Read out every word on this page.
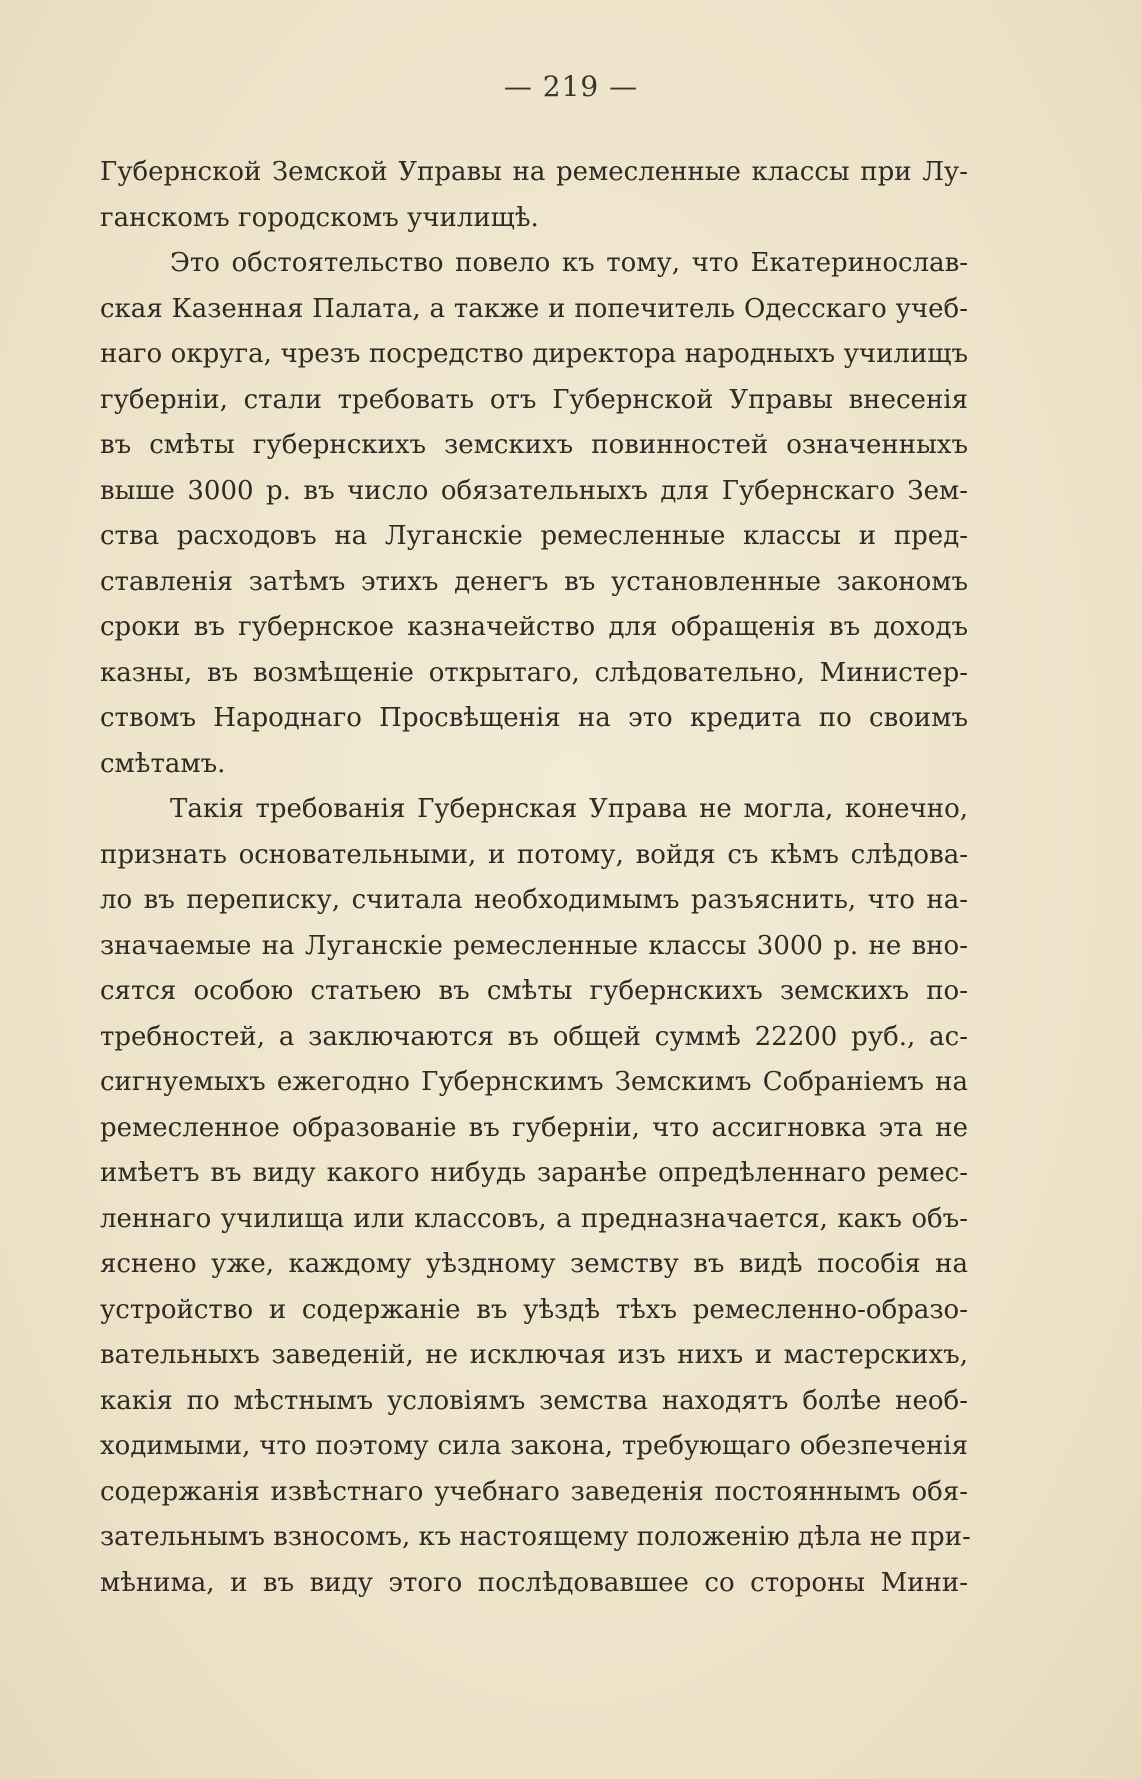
— 219 —
Губернской Земской Управы на ремесленные классы при Лу-
ганскомъ городскомъ училищѣ.
Это обстоятельство повело къ тому, что Екатеринослав-
ская Казенная Палата, а также и попечитель Одесскаго учеб-
наго округа, чрезъ посредство директора народныхъ училищъ
губерніи, стали требовать отъ Губернской Управы внесенія
въ смѣты губернскихъ земскихъ повинностей означенныхъ
выше 3000 р. въ число обязательныхъ для Губернскаго Зем-
ства расходовъ на Луганскіе ремесленные классы и пред-
ставленія затѣмъ этихъ денегъ въ установленные закономъ
сроки въ губернское казначейство для обращенія въ доходъ
казны, въ возмѣщеніе открытаго, слѣдовательно, Министер-
ствомъ Народнаго Просвѣщенія на это кредита по своимъ
смѣтамъ.
Такія требованія Губернская Управа не могла, конечно,
признать основательными, и потому, войдя съ кѣмъ слѣдова-
ло въ переписку, считала необходимымъ разъяснить, что на-
значаемые на Луганскіе ремесленные классы 3000 р. не вно-
сятся особою статьею въ смѣты губернскихъ земскихъ по-
требностей, а заключаются въ общей суммѣ 22200 руб., ас-
сигнуемыхъ ежегодно Губернскимъ Земскимъ Собраніемъ на
ремесленное образованіе въ губерніи, что ассигновка эта не
имѣетъ въ виду какого нибудь заранѣе опредѣленнаго ремес-
леннаго училища или классовъ, а предназначается, какъ объ-
яснено уже, каждому уѣздному земству въ видѣ пособія на
устройство и содержаніе въ уѣздѣ тѣхъ ремесленно-образо-
вательныхъ заведеній, не исключая изъ нихъ и мастерскихъ,
какія по мѣстнымъ условіямъ земства находятъ болѣе необ-
ходимыми, что поэтому сила закона, требующаго обезпеченія
содержанія извѣстнаго учебнаго заведенія постояннымъ обя-
зательнымъ взносомъ, къ настоящему положенію дѣла не при-
мѣнима, и въ виду этого послѣдовавшее со стороны Мини-
